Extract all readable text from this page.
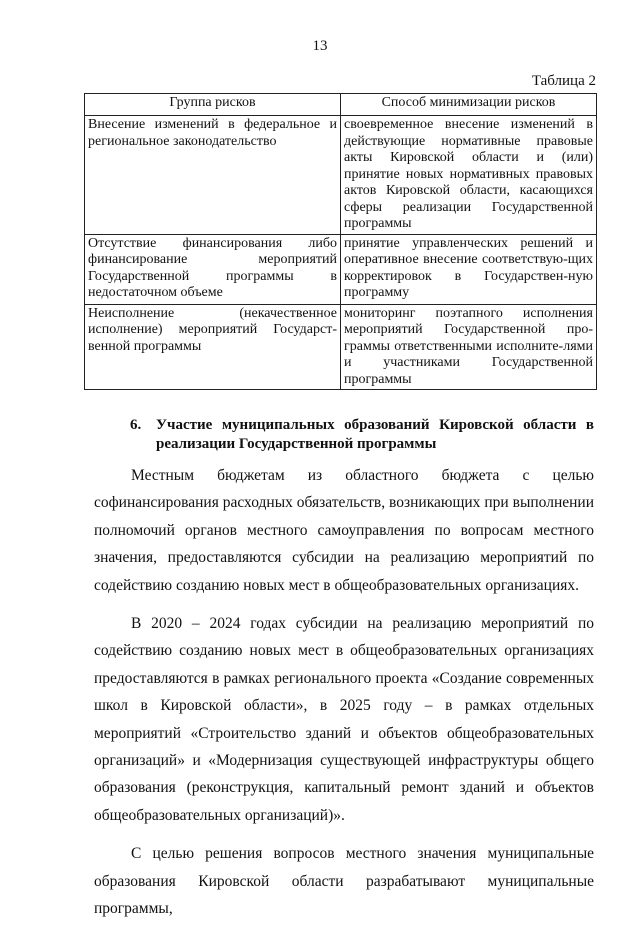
13
Таблица 2
Группа рисков	Способ минимизации рисков
Внесение изменений в федеральное и региональное законодательство	своевременное внесение изменений в действующие нормативные правовые акты Кировской области и (или) принятие новых нормативных правовых актов Кировской области, касающихся сферы реализации Государственной программы
Отсутствие финансирования либо финансирование мероприятий Государственной программы в недостаточном объеме	принятие управленческих решений и оперативное внесение соответствую-щих корректировок в Государствен-ную программу
Неисполнение (некачественное исполнение) мероприятий Государст-венной программы	мониторинг поэтапного исполнения мероприятий Государственной про-граммы ответственными исполните-лями и участниками Государственной программы
6. Участие муниципальных образований Кировской области в реализации Государственной программы

Местным бюджетам из областного бюджета с целью софинансирования расходных обязательств, возникающих при выполнении полномочий органов местного самоуправления по вопросам местного значения, предоставляются субсидии на реализацию мероприятий по содействию созданию новых мест в общеобразовательных организациях.

В 2020 – 2024 годах субсидии на реализацию мероприятий по содействию созданию новых мест в общеобразовательных организациях предоставляются в рамках регионального проекта «Создание современных школ в Кировской области», в 2025 году – в рамках отдельных мероприятий «Строительство зданий и объектов общеобразовательных организаций» и «Модернизация существующей инфраструктуры общего образования (реконструкция, капитальный ремонт зданий и объектов общеобразовательных организаций)».

С целью решения вопросов местного значения муниципальные образования Кировской области разрабатывают муниципальные программы,
